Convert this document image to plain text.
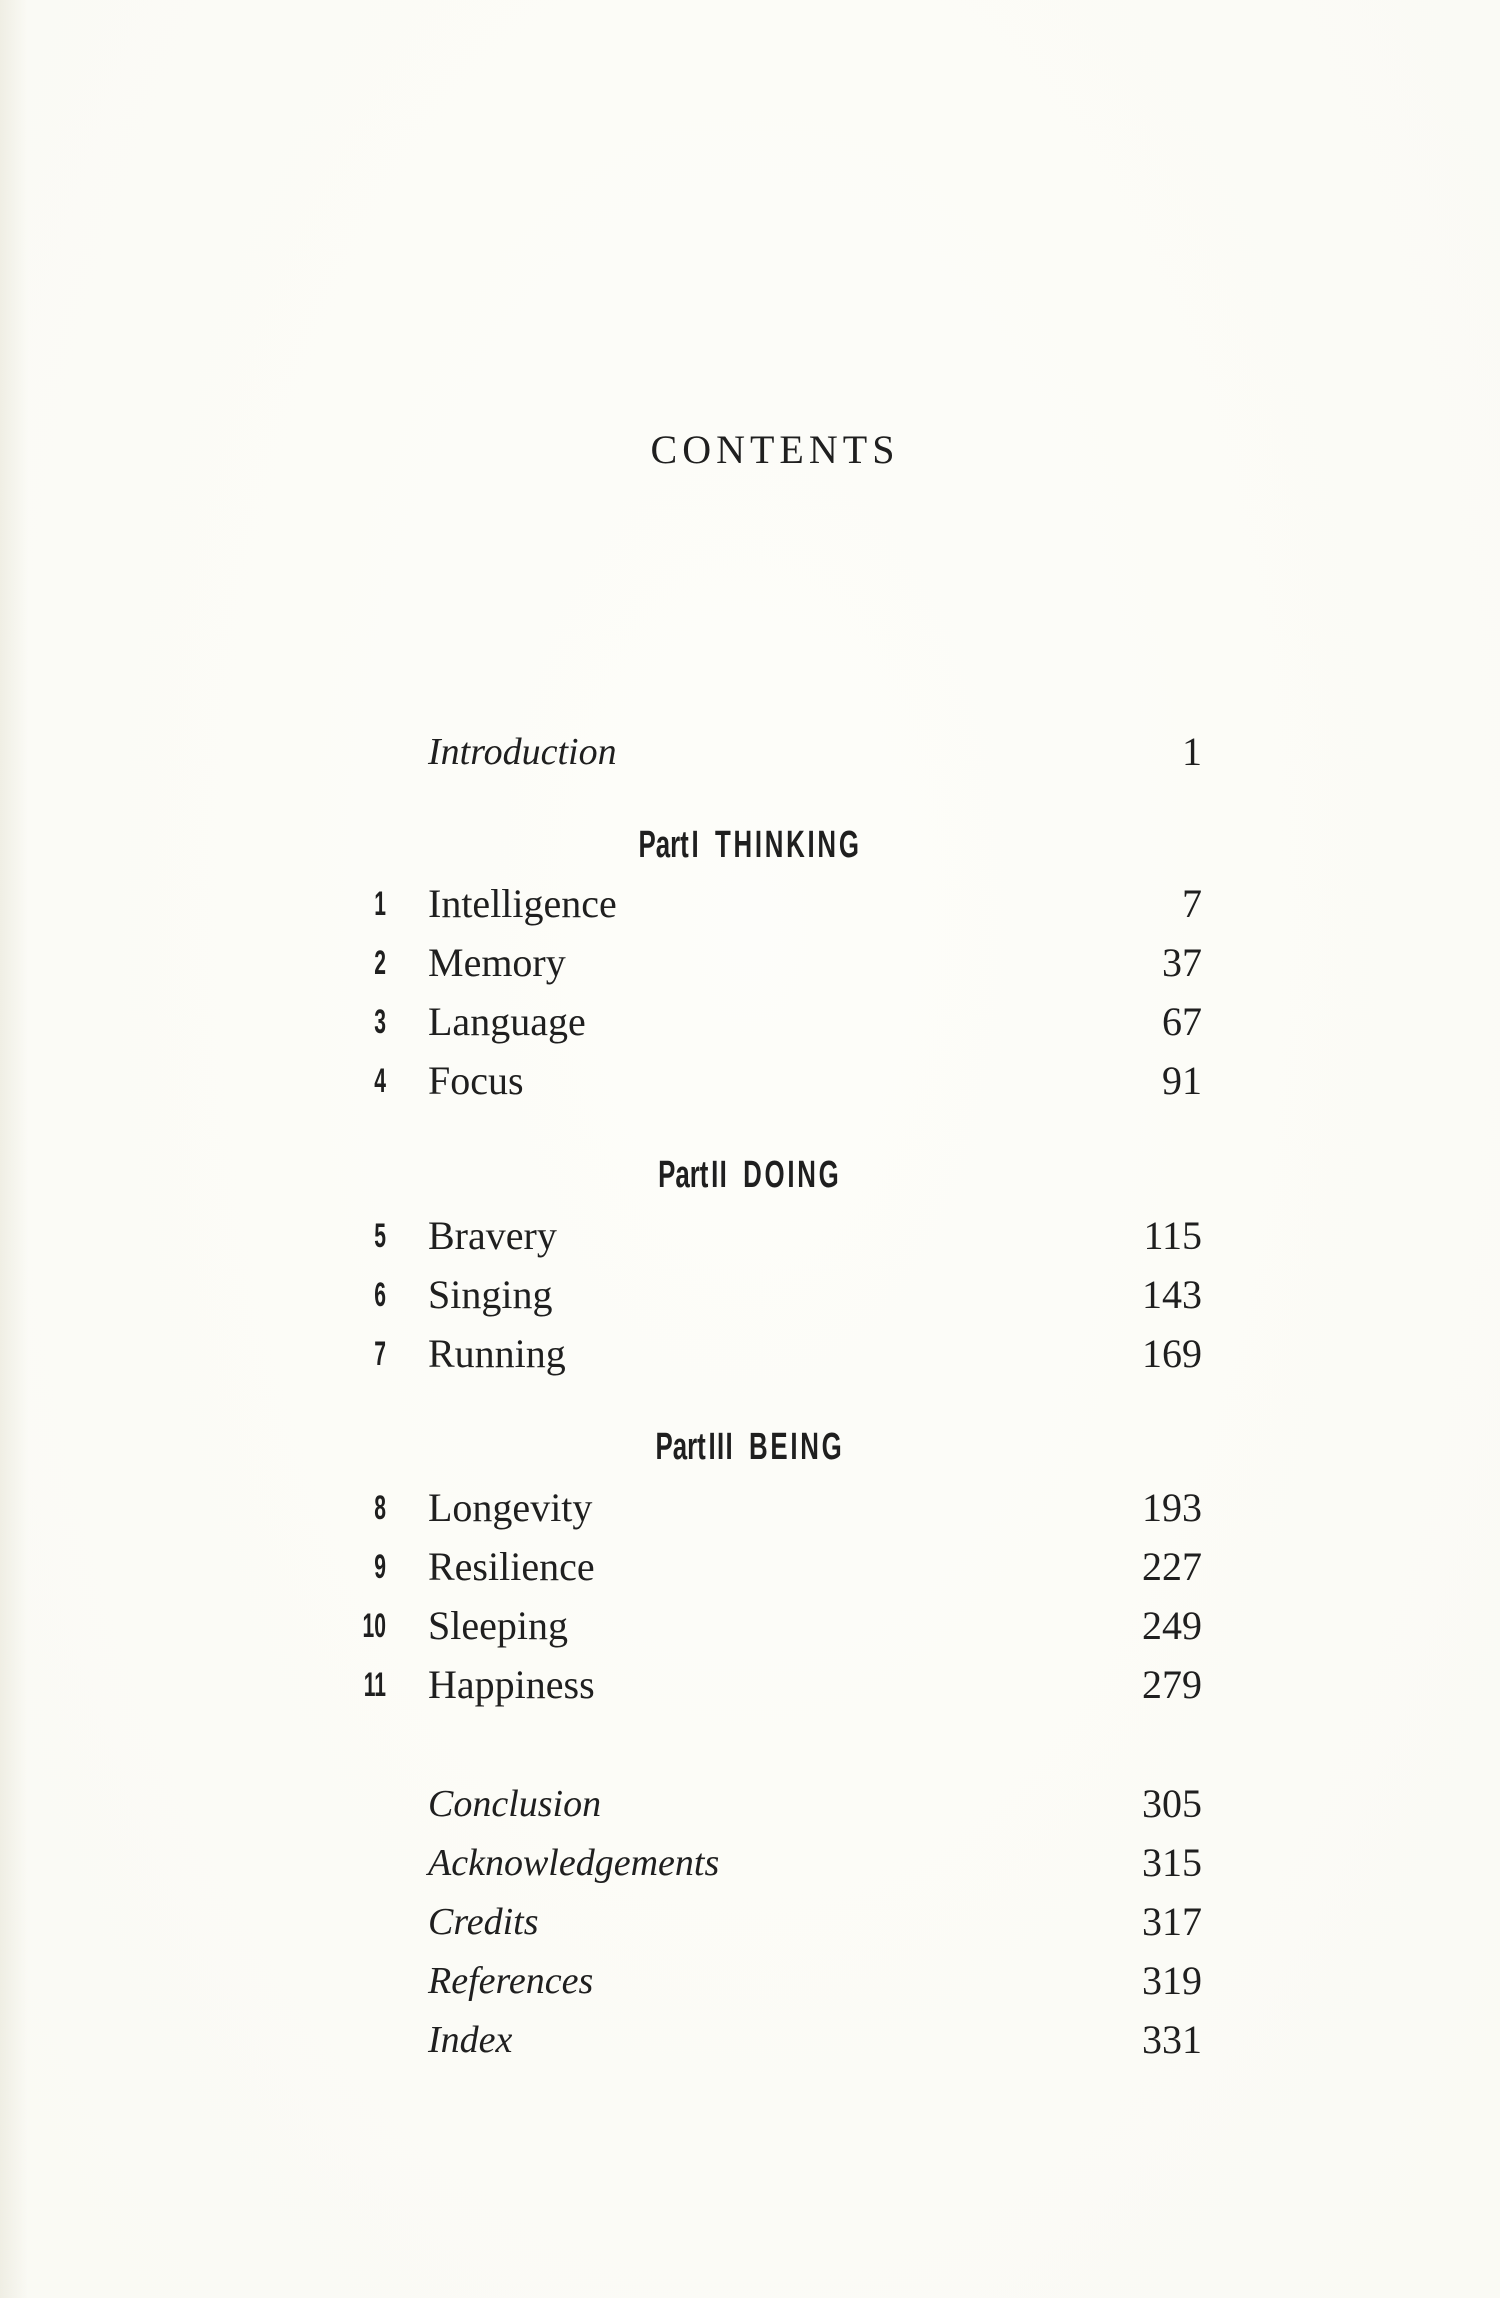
CONTENTS
Introduction	1
PartI THINKING
1 Intelligence	7
2 Memory	37
3 Language	67
4 Focus	91
PartII DOING
5 Bravery	115
6 Singing	143
7 Running	169
PartIII BEING
8 Longevity	193
9 Resilience	227
10 Sleeping	249
11 Happiness	279
Conclusion	305
Acknowledgements	315
Credits	317
References	319
Index	331
